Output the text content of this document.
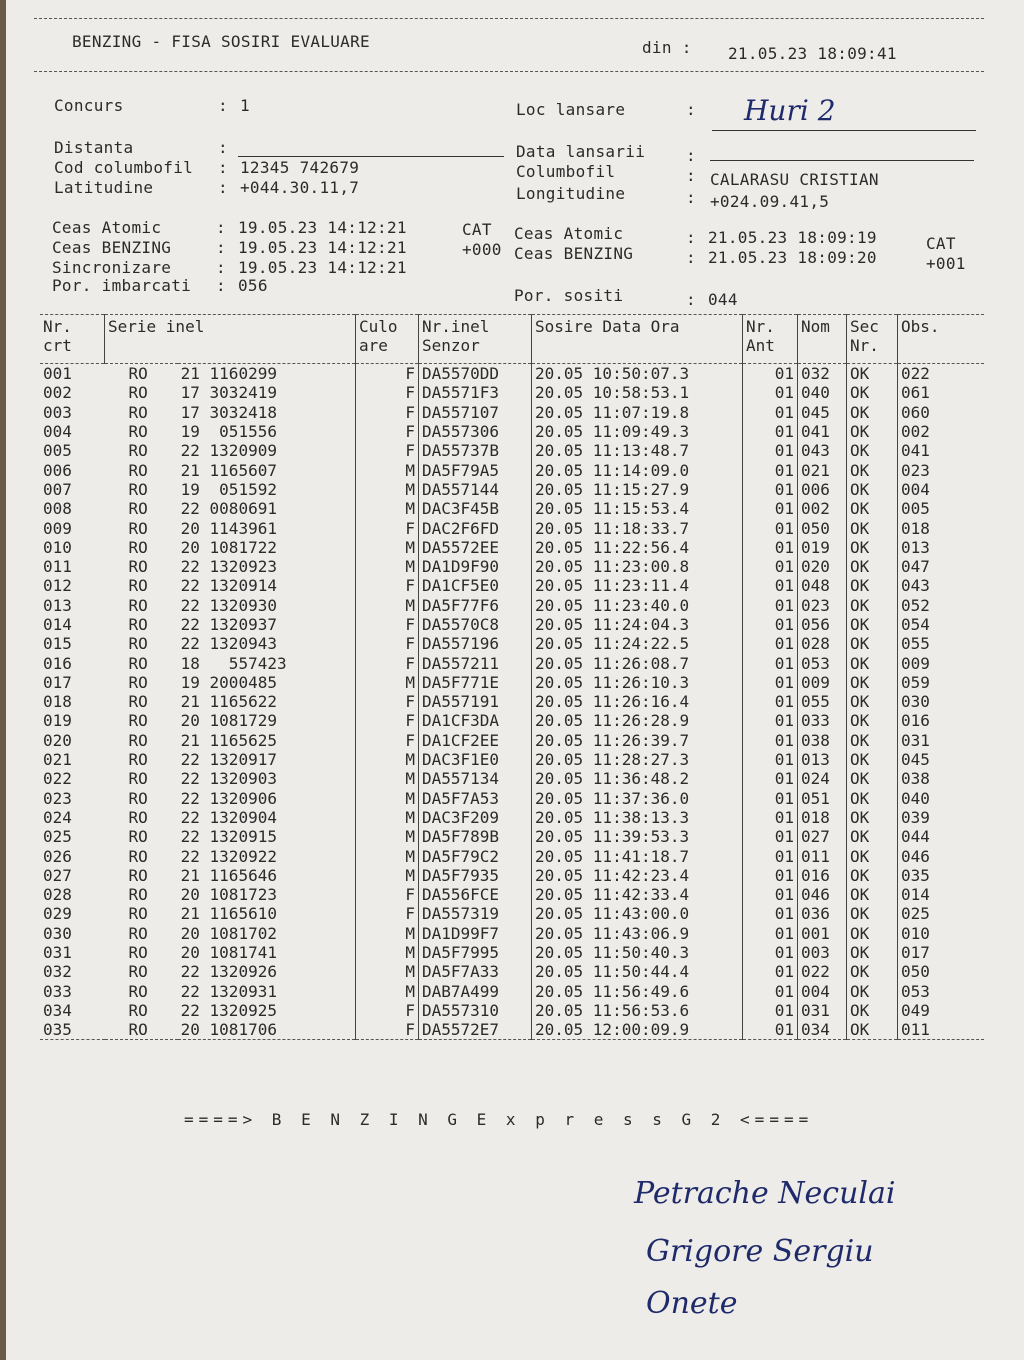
BENZING - FISA SOSIRI EVALUARE	din : 21.05.23 18:09:41
Concurs	: 1
Distanta	:
Cod columbofil : 12345 742679
Latitudine	: +044.30.11,7
Loc lansare	: Huri 2
Data lansarii	:
Columbofil	: CALARASU CRISTIAN
Longitudine	: +024.09.41,5
Ceas Atomic	: 19.05.23 14:12:21	CAT
Ceas BENZING	: 19.05.23 14:12:21	+000
Sincronizare	: 19.05.23 14:12:21
Por. imbarcati : 056
Ceas Atomic	: 21.05.23 18:09:19	CAT
Ceas BENZING	: 21.05.23 18:09:20	+001
Por. sositi	: 044
Nr. crt	Serie inel		Culo are	Nr.inel Senzor	Sosire Data Ora	Nr. Ant	Nom	Sec Nr.	Obs.
001	RO	21 1160299	F	DA5570DD	20.05 10:50:07.3	01	032	OK	022
002	RO	17 3032419	F	DA5571F3	20.05 10:58:53.1	01	040	OK	061
003	RO	17 3032418	F	DA557107	20.05 11:07:19.8	01	045	OK	060
004	RO	19  051556	F	DA557306	20.05 11:09:49.3	01	041	OK	002
005	RO	22 1320909	F	DA55737B	20.05 11:13:48.7	01	043	OK	041
006	RO	21 1165607	M	DA5F79A5	20.05 11:14:09.0	01	021	OK	023
007	RO	19  051592	M	DA557144	20.05 11:15:27.9	01	006	OK	004
008	RO	22 0080691	M	DAC3F45B	20.05 11:15:53.4	01	002	OK	005
009	RO	20 1143961	F	DAC2F6FD	20.05 11:18:33.7	01	050	OK	018
010	RO	20 1081722	M	DA5572EE	20.05 11:22:56.4	01	019	OK	013
011	RO	22 1320923	M	DA1D9F90	20.05 11:23:00.8	01	020	OK	047
012	RO	22 1320914	F	DA1CF5E0	20.05 11:23:11.4	01	048	OK	043
013	RO	22 1320930	M	DA5F77F6	20.05 11:23:40.0	01	023	OK	052
014	RO	22 1320937	F	DA5570C8	20.05 11:24:04.3	01	056	OK	054
015	RO	22 1320943	F	DA557196	20.05 11:24:22.5	01	028	OK	055
016	RO	18   557423	F	DA557211	20.05 11:26:08.7	01	053	OK	009
017	RO	19 2000485	M	DA5F771E	20.05 11:26:10.3	01	009	OK	059
018	RO	21 1165622	F	DA557191	20.05 11:26:16.4	01	055	OK	030
019	RO	20 1081729	F	DA1CF3DA	20.05 11:26:28.9	01	033	OK	016
020	RO	21 1165625	F	DA1CF2EE	20.05 11:26:39.7	01	038	OK	031
021	RO	22 1320917	M	DAC3F1E0	20.05 11:28:27.3	01	013	OK	045
022	RO	22 1320903	M	DA557134	20.05 11:36:48.2	01	024	OK	038
023	RO	22 1320906	M	DA5F7A53	20.05 11:37:36.0	01	051	OK	040
024	RO	22 1320904	M	DAC3F209	20.05 11:38:13.3	01	018	OK	039
025	RO	22 1320915	M	DA5F789B	20.05 11:39:53.3	01	027	OK	044
026	RO	22 1320922	M	DA5F79C2	20.05 11:41:18.7	01	011	OK	046
027	RO	21 1165646	M	DA5F7935	20.05 11:42:23.4	01	016	OK	035
028	RO	20 1081723	F	DA556FCE	20.05 11:42:33.4	01	046	OK	014
029	RO	21 1165610	F	DA557319	20.05 11:43:00.0	01	036	OK	025
030	RO	20 1081702	M	DA1D99F7	20.05 11:43:06.9	01	001	OK	010
031	RO	20 1081741	M	DA5F7995	20.05 11:50:40.3	01	003	OK	017
032	RO	22 1320926	M	DA5F7A33	20.05 11:50:44.4	01	022	OK	050
033	RO	22 1320931	M	DAB7A499	20.05 11:56:49.6	01	004	OK	053
034	RO	22 1320925	F	DA557310	20.05 11:56:53.6	01	031	OK	049
035	RO	20 1081706	F	DA5572E7	20.05 12:00:09.9	01	034	OK	011
====> B E N Z I N G E x p r e s s G 2 <====
Petrache Neculai
Grigore Sergiu
Onete
